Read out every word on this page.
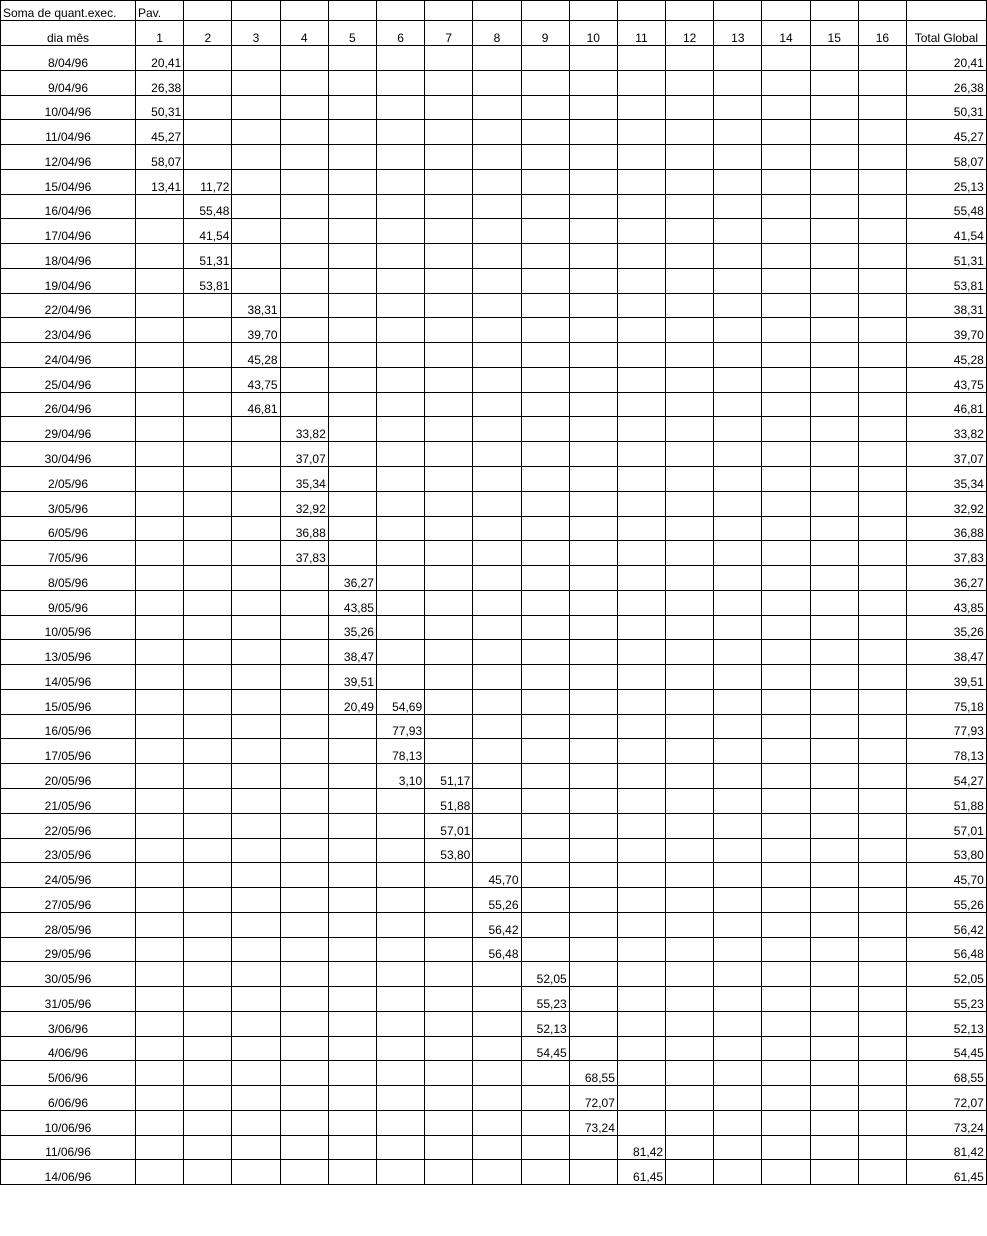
Soma de quant.exec.	Pav.																
dia mês	1	2	3	4	5	6	7	8	9	10	11	12	13	14	15	16	Total Global
8/04/96	20,41																20,41
9/04/96	26,38																26,38
10/04/96	50,31																50,31
11/04/96	45,27																45,27
12/04/96	58,07																58,07
15/04/96	13,41	11,72															25,13
16/04/96		55,48															55,48
17/04/96		41,54															41,54
18/04/96		51,31															51,31
19/04/96		53,81															53,81
22/04/96			38,31														38,31
23/04/96			39,70														39,70
24/04/96			45,28														45,28
25/04/96			43,75														43,75
26/04/96			46,81														46,81
29/04/96				33,82													33,82
30/04/96				37,07													37,07
2/05/96				35,34													35,34
3/05/96				32,92													32,92
6/05/96				36,88													36,88
7/05/96				37,83													37,83
8/05/96					36,27												36,27
9/05/96					43,85												43,85
10/05/96					35,26												35,26
13/05/96					38,47												38,47
14/05/96					39,51												39,51
15/05/96					20,49	54,69											75,18
16/05/96						77,93											77,93
17/05/96						78,13											78,13
20/05/96						3,10	51,17										54,27
21/05/96							51,88										51,88
22/05/96							57,01										57,01
23/05/96							53,80										53,80
24/05/96								45,70									45,70
27/05/96								55,26									55,26
28/05/96								56,42									56,42
29/05/96								56,48									56,48
30/05/96									52,05								52,05
31/05/96									55,23								55,23
3/06/96									52,13								52,13
4/06/96									54,45								54,45
5/06/96										68,55							68,55
6/06/96										72,07							72,07
10/06/96										73,24							73,24
11/06/96											81,42						81,42
14/06/96											61,45						61,45
